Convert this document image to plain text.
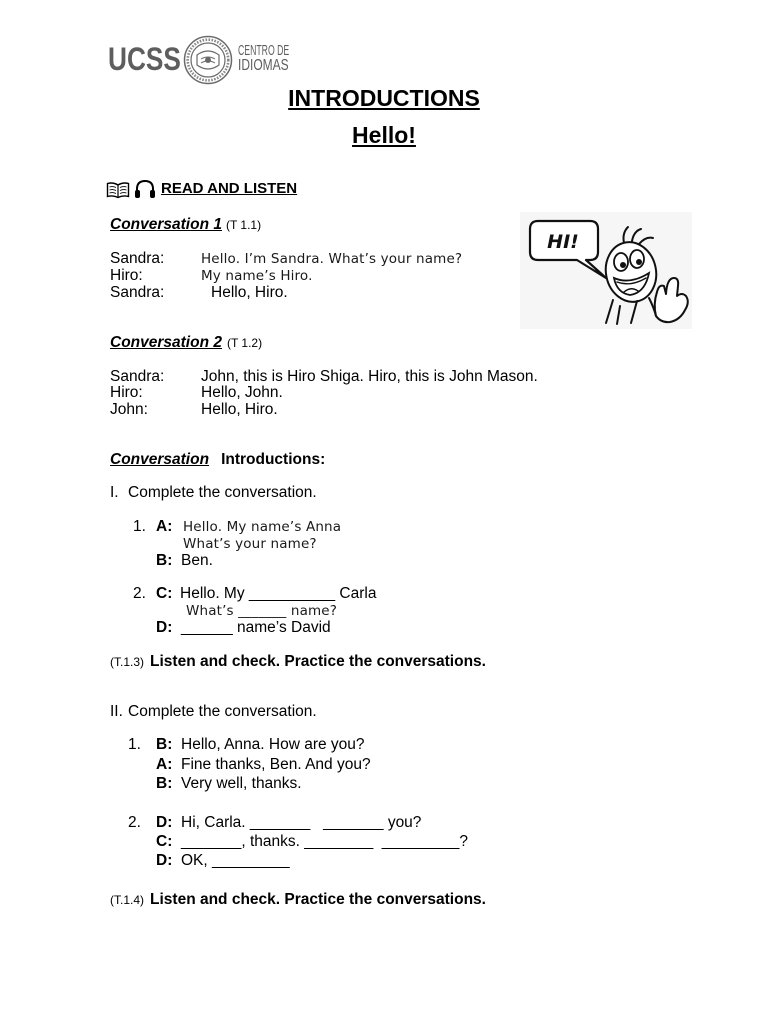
UCSS	CENTRO DE
IDIOMAS
INTRODUCTIONS
Hello!
READ AND LISTEN
HI!
Conversation 1 (T 1.1)
Sandra:	Hello. I’m Sandra. What’s your name?
Hiro:	My name’s Hiro.
Sandra:	Hello, Hiro.
Conversation 2 (T 1.2)
Sandra: John, this is Hiro Shiga. Hiro, this is John Mason.
Hiro:	Hello, John.
John:	Hello, Hiro.
Conversation Introductions:
I. Complete the conversation.
1. A: Hello. My name’s Anna
What’s your name?
B: Ben.
2. C: Hello. My __________ Carla
What’s _______ name?
D: ______ name’s David
(T.1.3) Listen and check. Practice the conversations.
II. Complete the conversation.
1. B: Hello, Anna. How are you?
A: Fine thanks, Ben. And you?
B: Very well, thanks.
2. D: Hi, Carla. _______   _______ you?
C: _______, thanks. ________  _________?
D: OK, _________
(T.1.4) Listen and check. Practice the conversations.
